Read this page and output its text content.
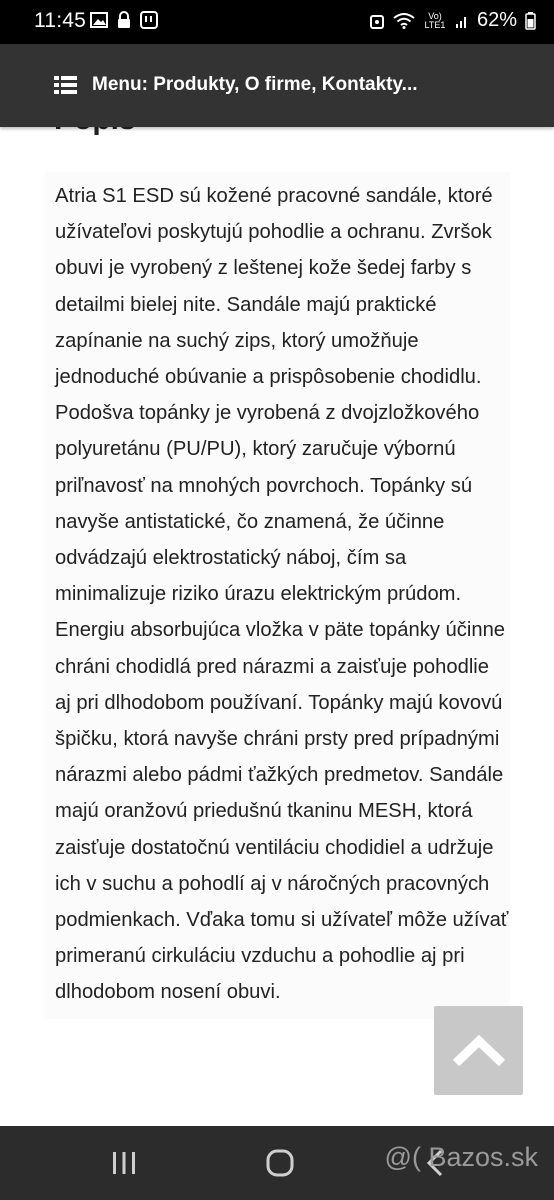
11:45	Vo) LTE1 62%
Menu: Produkty, O firme, Kontakty...

Atria S1 ESD sú kožené pracovné sandále, ktoré užívateľovi poskytujú pohodlie a ochranu. Zvršok obuvi je vyrobený z leštenej kože šedej farby s detailmi bielej nite. Sandále majú praktické zapínanie na suchý zips, ktorý umožňuje jednoduché obúvanie a prispôsobenie chodidlu. Podošva topánky je vyrobená z dvojzložkového polyuretánu (PU/PU), ktorý zaručuje výbornú priľnavosť na mnohých povrchoch. Topánky sú navyše antistatické, čo znamená, že účinne odvádzajú elektrostatický náboj, čím sa minimalizuje riziko úrazu elektrickým prúdom. Energiu absorbujúca vložka v päte topánky účinne chráni chodidlá pred nárazmi a zaisťuje pohodlie aj pri dlhodobom používaní. Topánky majú kovovú špičku, ktorá navyše chráni prsty pred prípadnými nárazmi alebo pádmi ťažkých predmetov. Sandále majú oranžovú priedušnú tkaninu MESH, ktorá zaisťuje dostatočnú ventiláciu chodidiel a udržuje ich v suchu a pohodlí aj v náročných pracovných podmienkach. Vďaka tomu si užívateľ môže užívať primeranú cirkuláciu vzduchu a pohodlie aj pri dlhodobom nosení obuvi.

@( Bazos.sk
